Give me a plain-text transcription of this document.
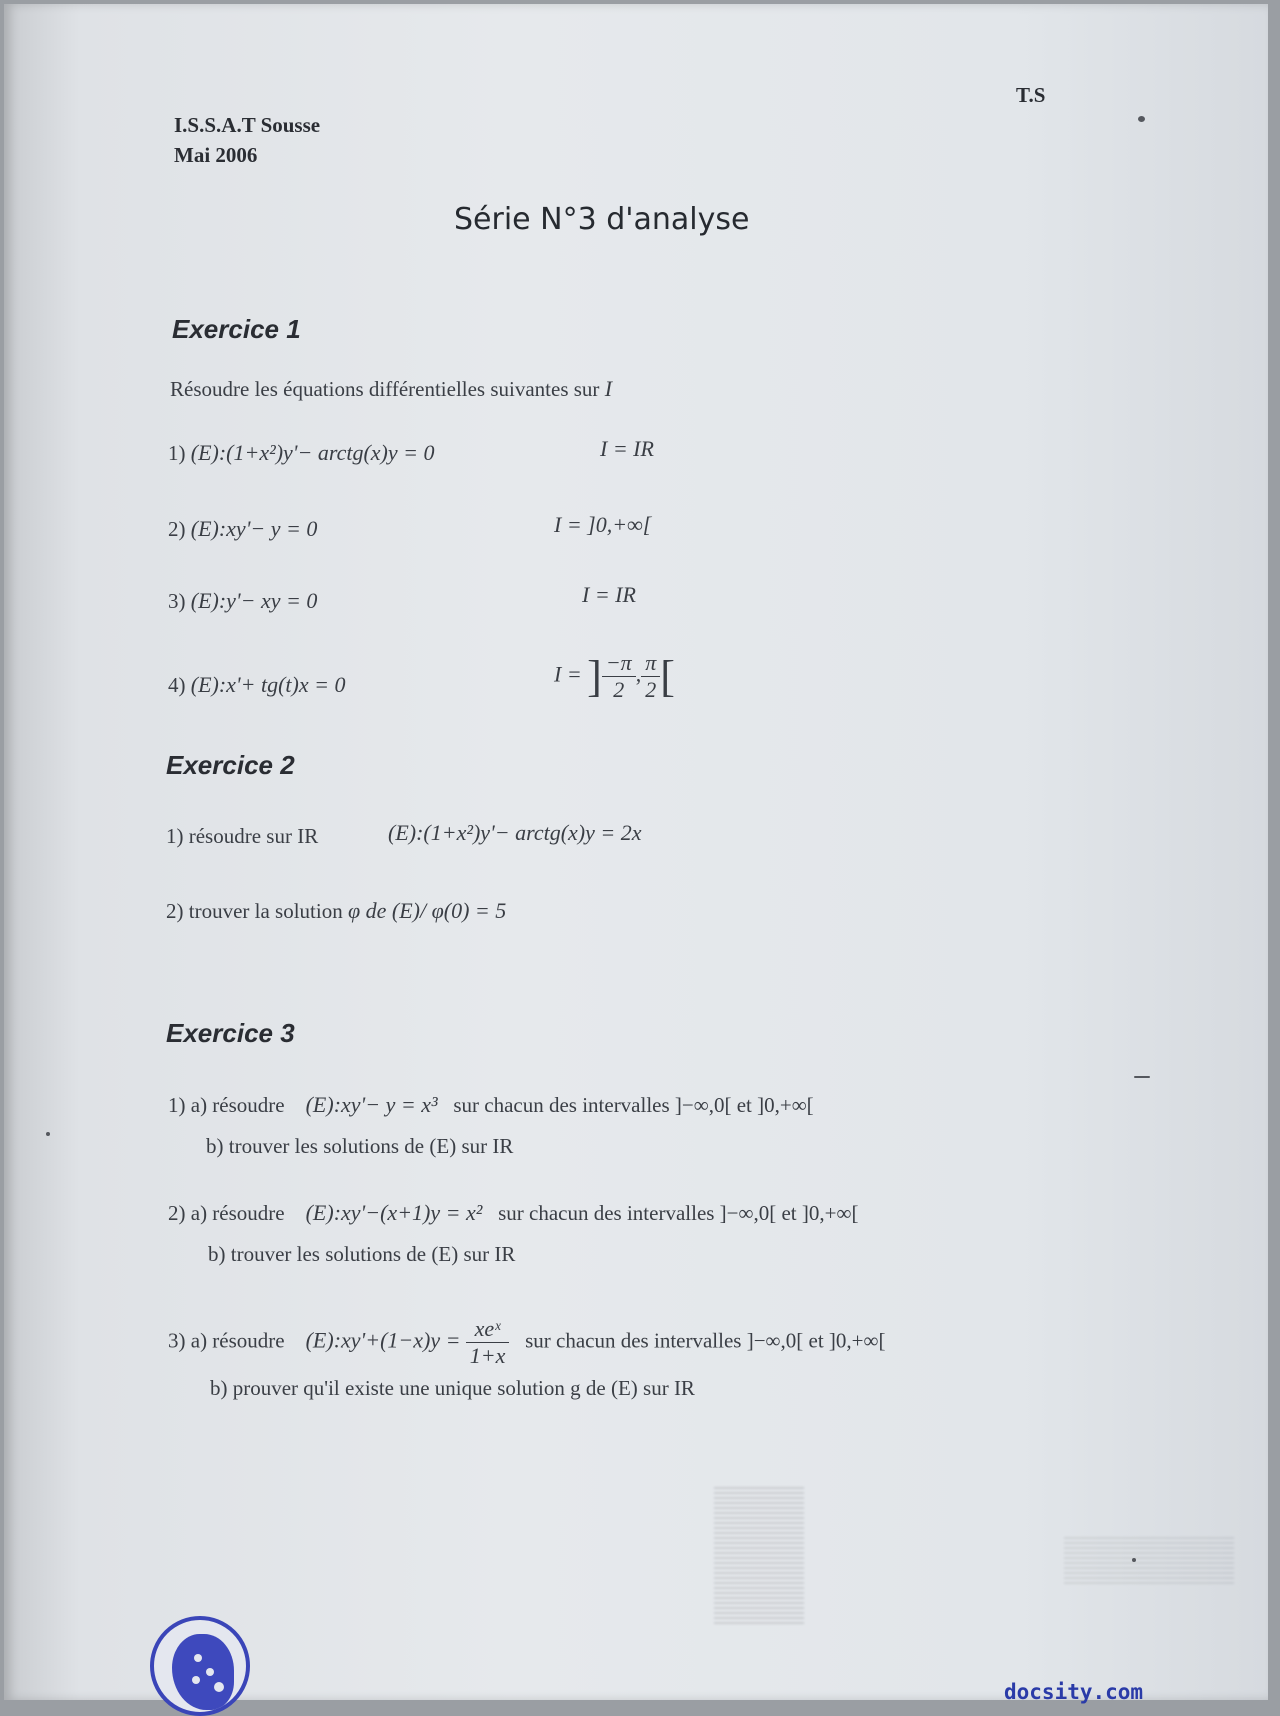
I.S.S.A.T Sousse
Mai 2006
T.S
Série N°3 d'analyse
Exercice 1
Résoudre les équations différentielles suivantes sur I
1) (E):(1+x²)y'− arctg(x)y = 0	I = IR
2) (E):xy'− y = 0	I = ]0,+∞[
3) (E):y'− xy = 0	I = IR
4) (E):x'+ tg(t)x = 0	I = ] $\frac{-\pi}{2}$ , $\frac{\pi}{2}$ [
Exercice 2
1) résoudre sur IR	(E):(1+x²)y'− arctg(x)y = 2x
2) trouver la solution φ de (E)/ φ(0) = 5
Exercice 3
1) a) résoudre (E):xy'− y = x³ sur chacun des intervalles ]−∞,0[ et ]0,+∞[
b) trouver les solutions de (E) sur IR
2) a) résoudre (E):xy'−(x+1)y = x² sur chacun des intervalles ]−∞,0[ et ]0,+∞[
b) trouver les solutions de (E) sur IR
3) a) résoudre (E):xy'+(1−x)y = $\frac{\text{xeˣ}}{1+x}$ sur chacun des intervalles ]−∞,0[ et ]0,+∞[
b) prouver qu'il existe une unique solution g de (E) sur IR
docsity.com
